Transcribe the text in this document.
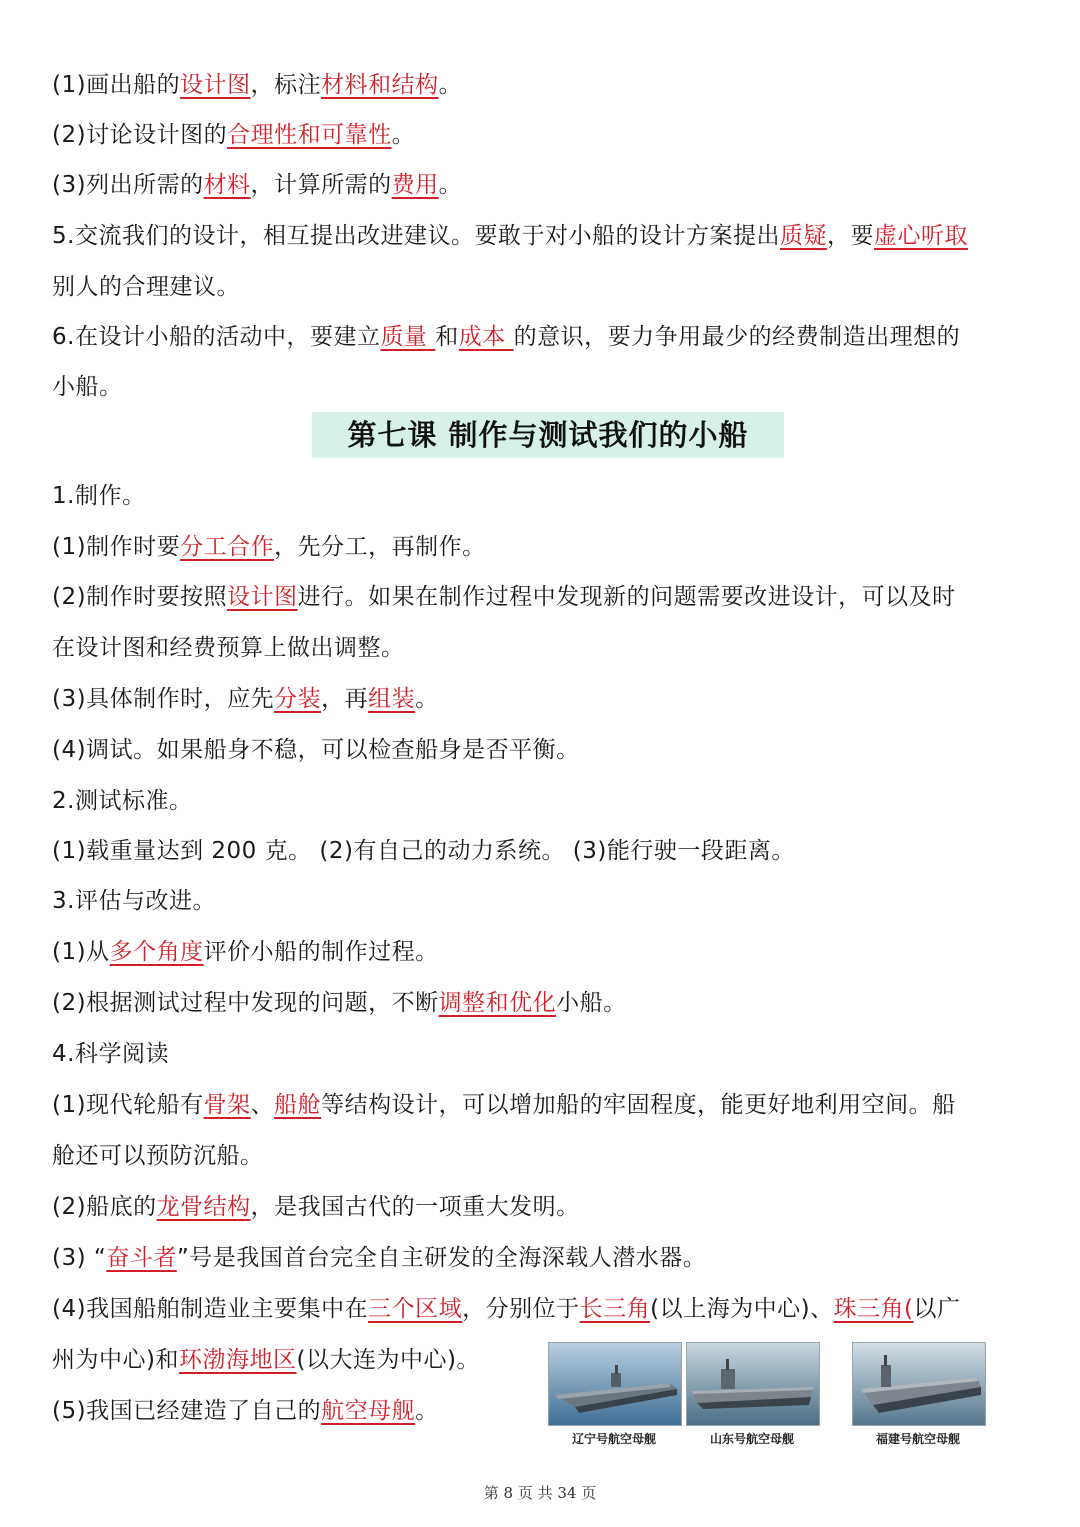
(1)画出船的设计图，标注材料和结构。
(2)讨论设计图的合理性和可靠性。
(3)列出所需的材料，计算所需的费用。
5.交流我们的设计，相互提出改进建议。要敢于对小船的设计方案提出质疑，要虚心听取
别人的合理建议。
6.在设计小船的活动中，要建立质量 和成本 的意识，要力争用最少的经费制造出理想的
小船。
第七课 制作与测试我们的小船
1.制作。
(1)制作时要分工合作，先分工，再制作。
(2)制作时要按照设计图进行。如果在制作过程中发现新的问题需要改进设计，可以及时
在设计图和经费预算上做出调整。
(3)具体制作时，应先分装，再组装。
(4)调试。如果船身不稳，可以检查船身是否平衡。
2.测试标准。
(1)载重量达到 200 克。 (2)有自己的动力系统。 (3)能行驶一段距离。
3.评估与改进。
(1)从多个角度评价小船的制作过程。
(2)根据测试过程中发现的问题，不断调整和优化小船。
4.科学阅读
(1)现代轮船有骨架、船舱等结构设计，可以增加船的牢固程度，能更好地利用空间。船
舱还可以预防沉船。
(2)船底的龙骨结构，是我国古代的一项重大发明。
(3) “奋斗者”号是我国首台完全自主研发的全海深载人潜水器。
(4)我国船舶制造业主要集中在三个区域，分别位于长三角(以上海为中心)、珠三角(以广
州为中心)和环渤海地区(以大连为中心)。
(5)我国已经建造了自己的航空母舰。
辽宁号航空母舰	山东号航空母舰	福建号航空母舰
第 8 页 共 34 页
